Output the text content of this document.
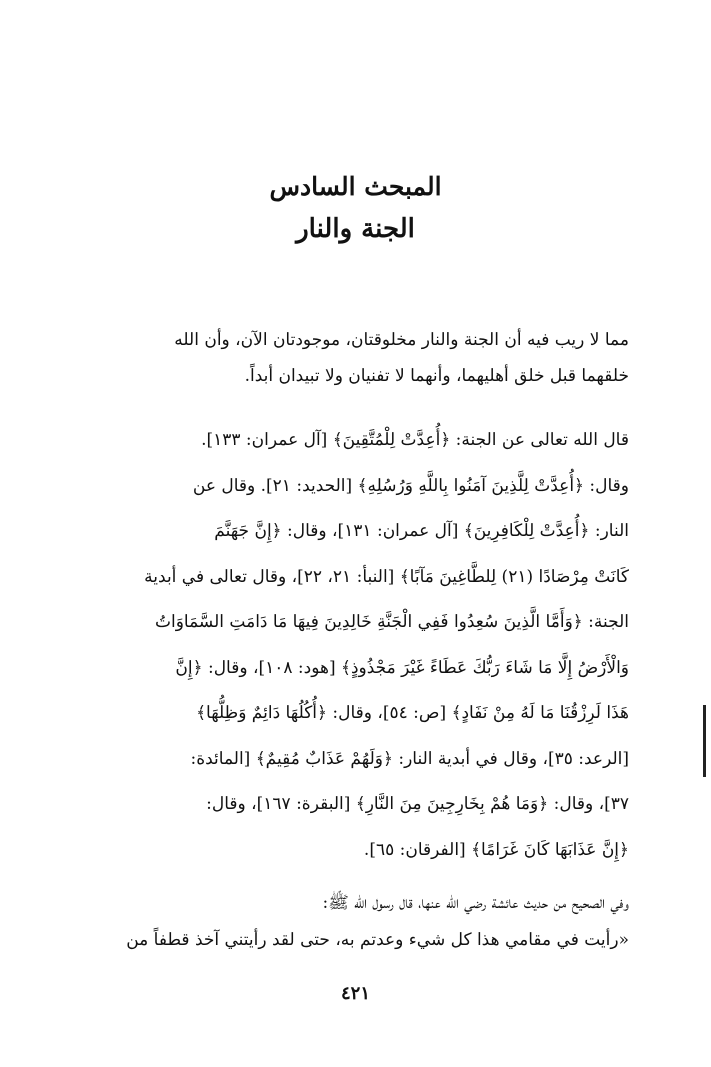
المبحث السادس
الجنة والنار
مما لا ريب فيه أن الجنة والنار مخلوقتان، موجودتان الآن، وأن الله
خلقهما قبل خلق أهليهما، وأنهما لا تفنيان ولا تبيدان أبداً.
قال الله تعالى عن الجنة: ﴿أُعِدَّتْ لِلْمُتَّقِينَ﴾ [آل عمران: ١٣٣].
وقال: ﴿أُعِدَّتْ لِلَّذِينَ آمَنُوا بِاللَّهِ وَرُسُلِهِ﴾ [الحديد: ٢١]. وقال عن
النار: ﴿أُعِدَّتْ لِلْكَافِرِينَ﴾ [آل عمران: ١٣١]، وقال: ﴿إِنَّ جَهَنَّمَ
كَانَتْ مِرْصَادًا (٢١) لِلطَّاغِينَ مَآبًا﴾ [النبأ: ٢١، ٢٢]، وقال تعالى في أبدية
الجنة: ﴿وَأَمَّا الَّذِينَ سُعِدُوا فَفِي الْجَنَّةِ خَالِدِينَ فِيهَا مَا دَامَتِ السَّمَاوَاتُ
وَالْأَرْضُ إِلَّا مَا شَاءَ رَبُّكَ عَطَاءً غَيْرَ مَجْذُوذٍ﴾ [هود: ١٠٨]، وقال: ﴿إِنَّ
هَذَا لَرِزْقُنَا مَا لَهُ مِنْ نَفَادٍ﴾ [ص: ٥٤]، وقال: ﴿أُكُلُهَا دَائِمٌ وَظِلُّهَا﴾
[الرعد: ٣٥]، وقال في أبدية النار: ﴿وَلَهُمْ عَذَابٌ مُقِيمٌ﴾ [المائدة:
٣٧]، وقال: ﴿وَمَا هُمْ بِخَارِجِينَ مِنَ النَّارِ﴾ [البقرة: ١٦٧]، وقال:
﴿إِنَّ عَذَابَهَا كَانَ غَرَامًا﴾ [الفرقان: ٦٥].
وفي الصحيح من حديث عائشة رضي الله عنها، قال رسول الله ﷺ:
«رأيت في مقامي هذا كل شيء وعدتم به، حتى لقد رأيتني آخذ قطفاً من
٤٢١
